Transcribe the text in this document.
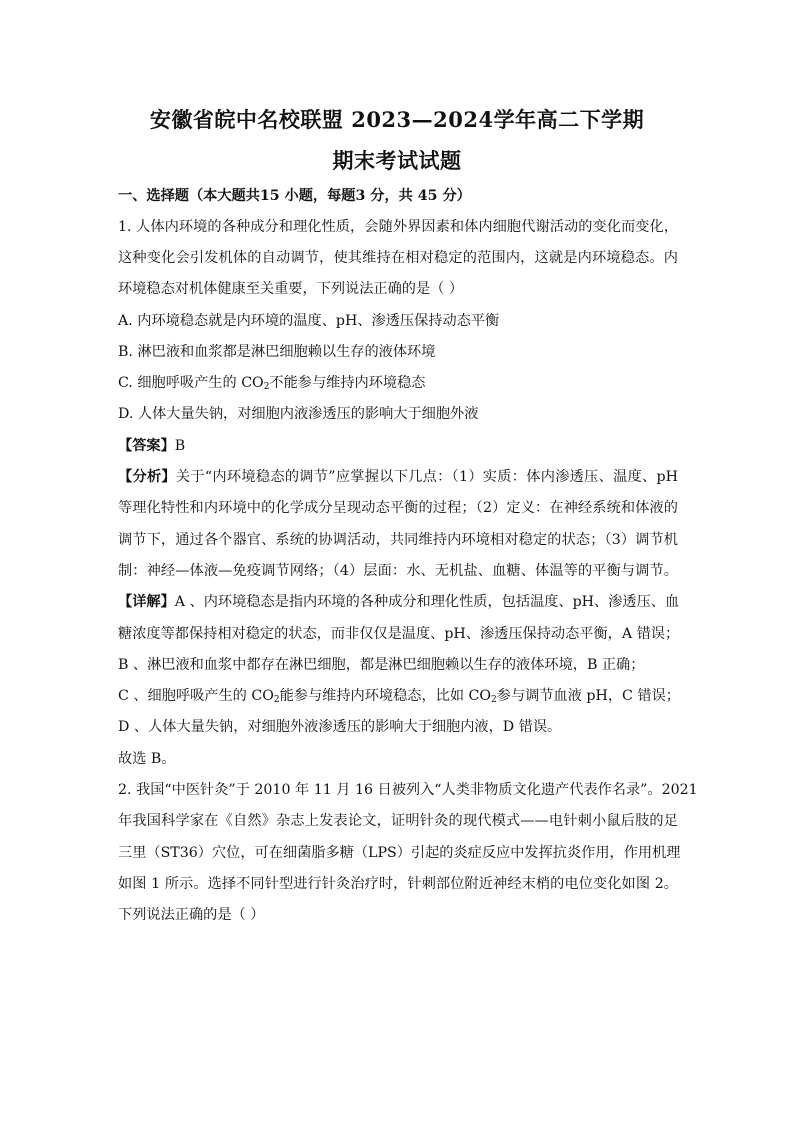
安徽省皖中名校联盟 2023—2024学年高二下学期
期末考试试题
一、选择题（本大题共15 小题，每题3 分，共 45 分）
1. 人体内环境的各种成分和理化性质，会随外界因素和体内细胞代谢活动的变化而变化，
这种变化会引发机体的自动调节，使其维持在相对稳定的范围内，这就是内环境稳态。内
环境稳态对机体健康至关重要，下列说法正确的是（ ）
A. 内环境稳态就是内环境的温度、pH、渗透压保持动态平衡
B. 淋巴液和血浆都是淋巴细胞赖以生存的液体环境
C. 细胞呼吸产生的 $CO_2$不能参与维持内环境稳态
D. 人体大量失钠，对细胞内液渗透压的影响大于细胞外液
【答案】B
【分析】关于“内环境稳态的调节”应掌握以下几点：（1）实质：体内渗透压、温度、pH
等理化特性和内环境中的化学成分呈现动态平衡的过程；（2）定义：在神经系统和体液的
调节下，通过各个器官、系统的协调活动，共同维持内环境相对稳定的状态；（3）调节机
制：神经—体液—免疫调节网络；（4）层面：水、无机盐、血糖、体温等的平衡与调节。
【详解】A 、内环境稳态是指内环境的各种成分和理化性质，包括温度、pH、渗透压、血
糖浓度等都保持相对稳定的状态，而非仅仅是温度、pH、渗透压保持动态平衡，A 错误；
B 、淋巴液和血浆中都存在淋巴细胞，都是淋巴细胞赖以生存的液体环境，B 正确；
C 、细胞呼吸产生的 $CO_2$能参与维持内环境稳态，比如 $CO_2$参与调节血液 pH，C 错误；
D 、人体大量失钠，对细胞外液渗透压的影响大于细胞内液，D 错误。
故选 B。
2. 我国“中医针灸”于 2010 年 11 月 16 日被列入“人类非物质文化遗产代表作名录”。2021
年我国科学家在《自然》杂志上发表论文，证明针灸的现代模式——电针刺小鼠后肢的足
三里（ST36）穴位，可在细菌脂多糖（LPS）引起的炎症反应中发挥抗炎作用，作用机理
如图 1 所示。选择不同针型进行针灸治疗时，针刺部位附近神经末梢的电位变化如图 2。
下列说法正确的是（ ）
